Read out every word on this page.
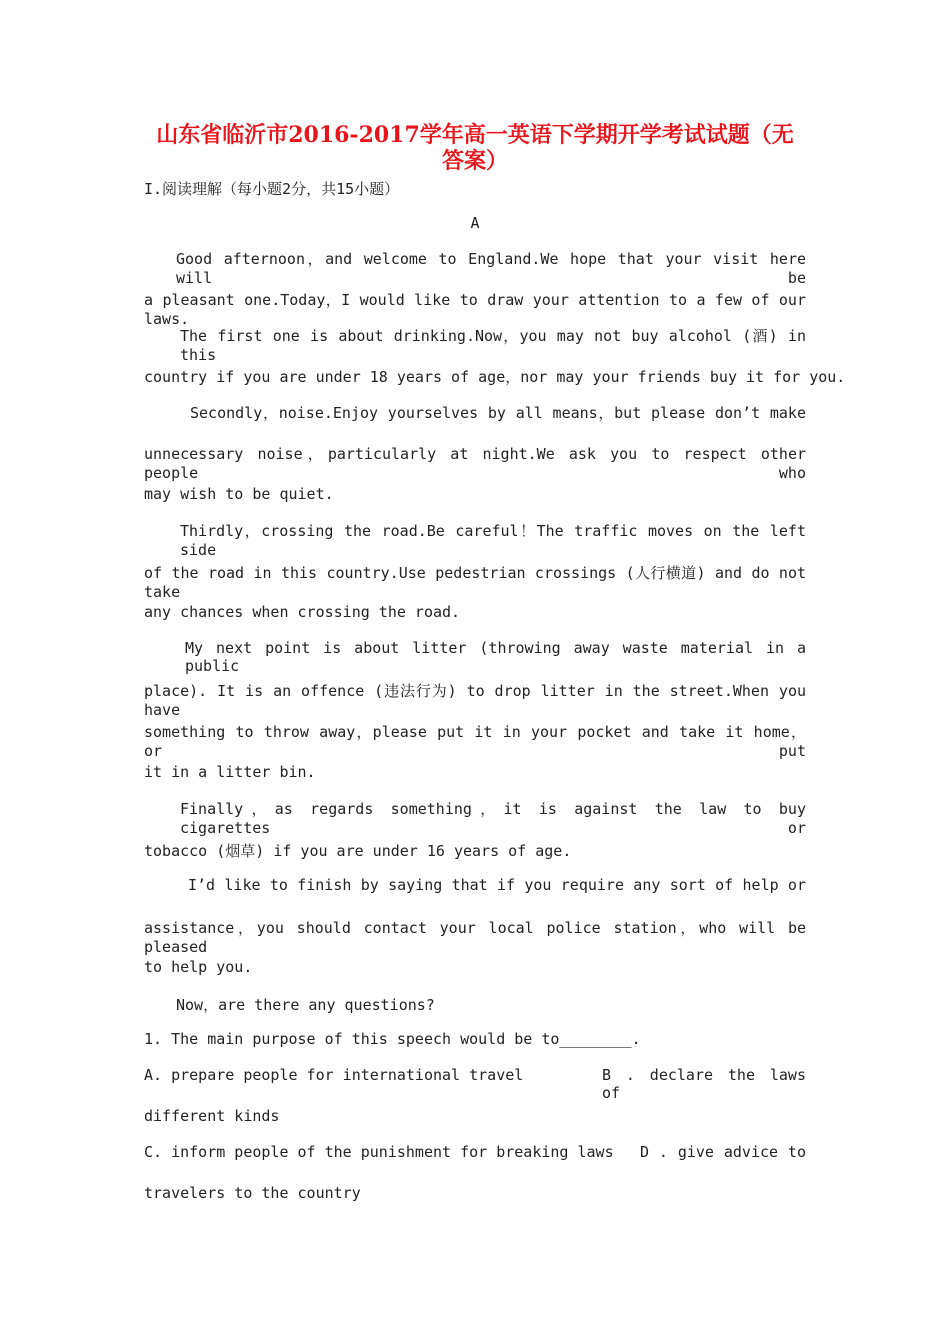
山东省临沂市2016-2017学年高一英语下学期开学考试试题（无答案）
I.阅读理解（每小题2分，共15小题）
A
Good afternoon，and welcome to England.We hope that your visit here will be
a pleasant one.Today，I would like to draw your attention to a few of our laws.
The first one is about drinking.Now，you may not buy alcohol (酒) in this
country if you are under 18 years of age，nor may your friends buy it for you.
Secondly，noise.Enjoy yourselves by all means，but please don’t make
unnecessary noise，particularly at night.We ask you to respect other people who
may wish to be quiet.
Thirdly，crossing the road.Be careful！The traffic moves on the left side
of the road in this country.Use pedestrian crossings (人行横道) and do not take
any chances when crossing the road.
My next point is about litter (throwing away waste material in a public
place). It is an offence (违法行为) to drop litter in the street.When you have
something to throw away，please put it in your pocket and take it home，or put
it in a litter bin.
Finally，as regards something，it is against the law to buy cigarettes or
tobacco (烟草) if you are under 16 years of age.
I’d like to finish by saying that if you require any sort of help or
assistance，you should contact your local police station，who will be pleased
to help you.
Now，are there any questions?
1. The main purpose of this speech would be to________.
A. prepare people for international travel	B . declare the laws of
different kinds
C. inform people of the punishment for breaking laws	D . give advice to
travelers to the country
